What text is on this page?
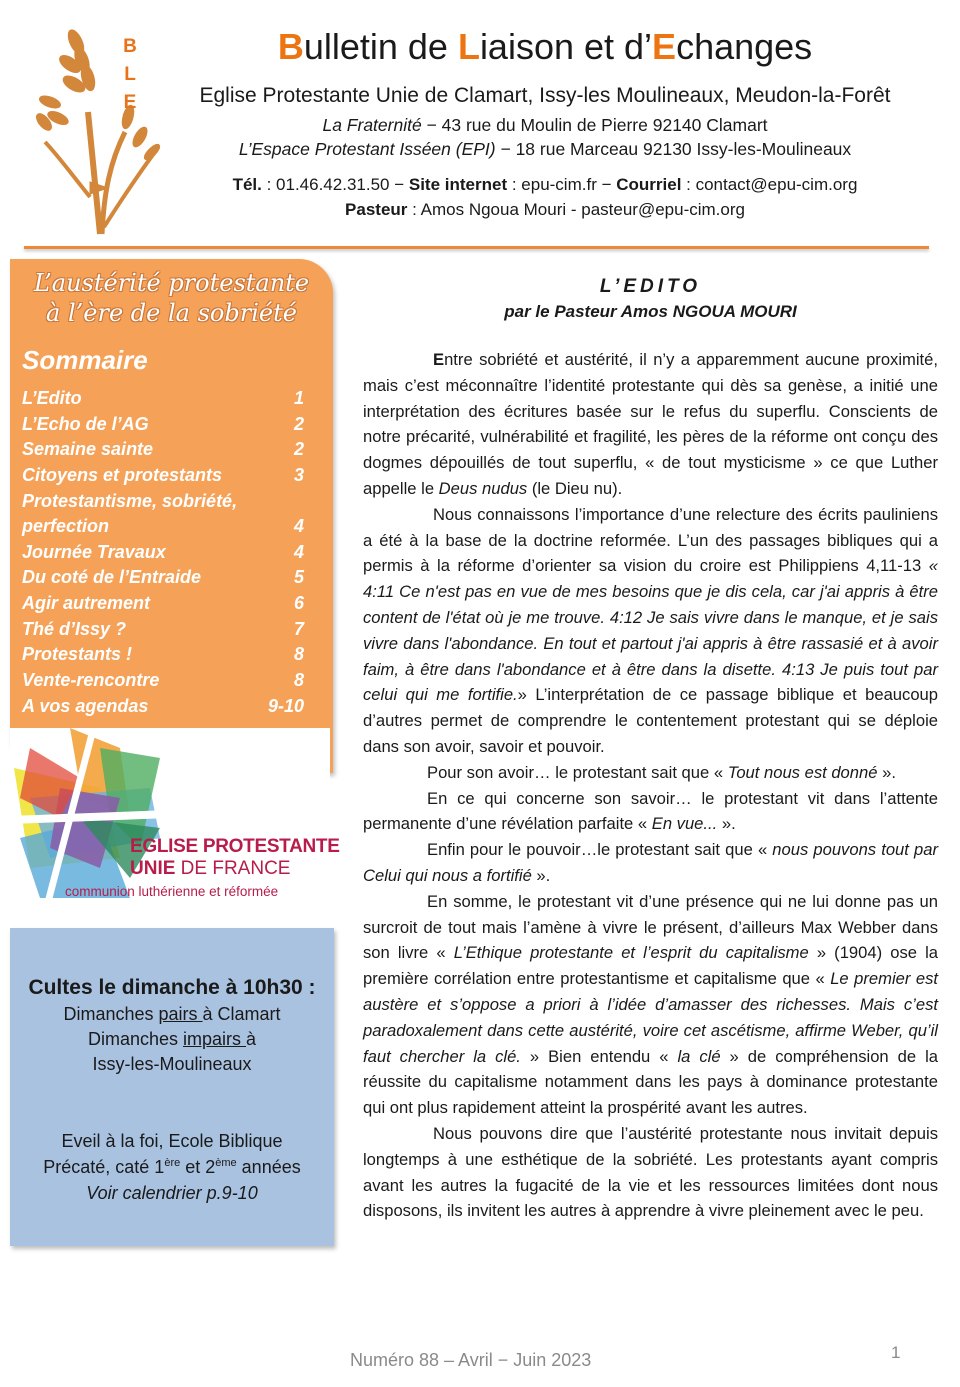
B
L
E
Bulletin de Liaison et d’Echanges
Eglise Protestante Unie de Clamart, Issy-les Moulineaux, Meudon-la-Forêt
La Fraternité − 43 rue du Moulin de Pierre 92140 Clamart
L’Espace Protestant Isséen (EPI) − 18 rue Marceau 92130 Issy-les-Moulineaux
Tél. : 01.46.42.31.50 − Site internet : epu-cim.fr − Courriel : contact@epu-cim.org
Pasteur : Amos Ngoua Mouri - pasteur@epu-cim.org
L’austérité protestante
à l’ère de la sobriété
Sommaire
L’Edito	1
L’Echo de l’AG	2
Semaine sainte	2
Citoyens et protestants	3
Protestantisme, sobriété,
perfection	4
Journée Travaux	4
Du coté de l’Entraide	5
Agir autrement	6
Thé d’Issy ?	7
Protestants !	8
Vente-rencontre	8
A vos agendas	9-10
EGLISE PROTESTANTE
UNIE DE FRANCE
communion luthérienne et réformée
Cultes le dimanche à 10h30 :
Dimanches pairs à Clamart
Dimanches impairs à
Issy-les-Moulineaux
Eveil à la foi, Ecole Biblique
Précaté, caté 1ère et 2ème années
Voir calendrier p.9-10
L’EDITO
par le Pasteur Amos NGOUA MOURI

Entre sobriété et austérité, il n’y a apparemment aucune proximité, mais c’est méconnaître l’identité protestante qui dès sa genèse, a initié une interprétation des écritures basée sur le refus du superflu. Conscients de notre précarité, vulnérabilité et fragilité, les pères de la réforme ont conçu des dogmes dépouillés de tout superflu, « de tout mysticisme » ce que Luther appelle le Deus nudus (le Dieu nu).

Nous connaissons l’importance d’une relecture des écrits pauliniens a été à la base de la doctrine reformée. L’un des passages bibliques qui a permis à la réforme d’orienter sa vision du croire est Philippiens 4,11-13 « 4:11 Ce n'est pas en vue de mes besoins que je dis cela, car j'ai appris à être content de l'état où je me trouve. 4:12 Je sais vivre dans le manque, et je sais vivre dans l'abondance. En tout et partout j'ai appris à être rassasié et à avoir faim, à être dans l'abondance et à être dans la disette. 4:13 Je puis tout par celui qui me fortifie.» L’interprétation de ce passage biblique et beaucoup d’autres permet de comprendre le contentement protestant qui se déploie dans son avoir, savoir et pouvoir.

Pour son avoir… le protestant sait que « Tout nous est donné ».

En ce qui concerne son savoir… le protestant vit dans l’attente permanente d’une révélation parfaite « En vue... ».

Enfin pour le pouvoir…le protestant sait que « nous pouvons tout par Celui qui nous a fortifié ».

En somme, le protestant vit d’une présence qui ne lui donne pas un surcroit de tout mais l’amène à vivre le présent, d’ailleurs Max Webber dans son livre « L’Ethique protestante et l’esprit du capitalisme » (1904) ose la première corrélation entre protestantisme et capitalisme que « Le premier est austère et s’oppose a priori à l’idée d’amasser des richesses. Mais c’est paradoxalement dans cette austérité, voire cet ascétisme, affirme Weber, qu’il faut chercher la clé. » Bien entendu « la clé » de compréhension de la réussite du capitalisme notamment dans les pays à dominance protestante qui ont plus rapidement atteint la prospérité avant les autres.

Nous pouvons dire que l’austérité protestante nous invitait depuis longtemps à une esthétique de la sobriété. Les protestants ayant compris avant les autres la fugacité de la vie et les ressources limitées dont nous disposons, ils invitent les autres à apprendre à vivre pleinement avec le peu.

Numéro 88 – Avril − Juin 2023	1
